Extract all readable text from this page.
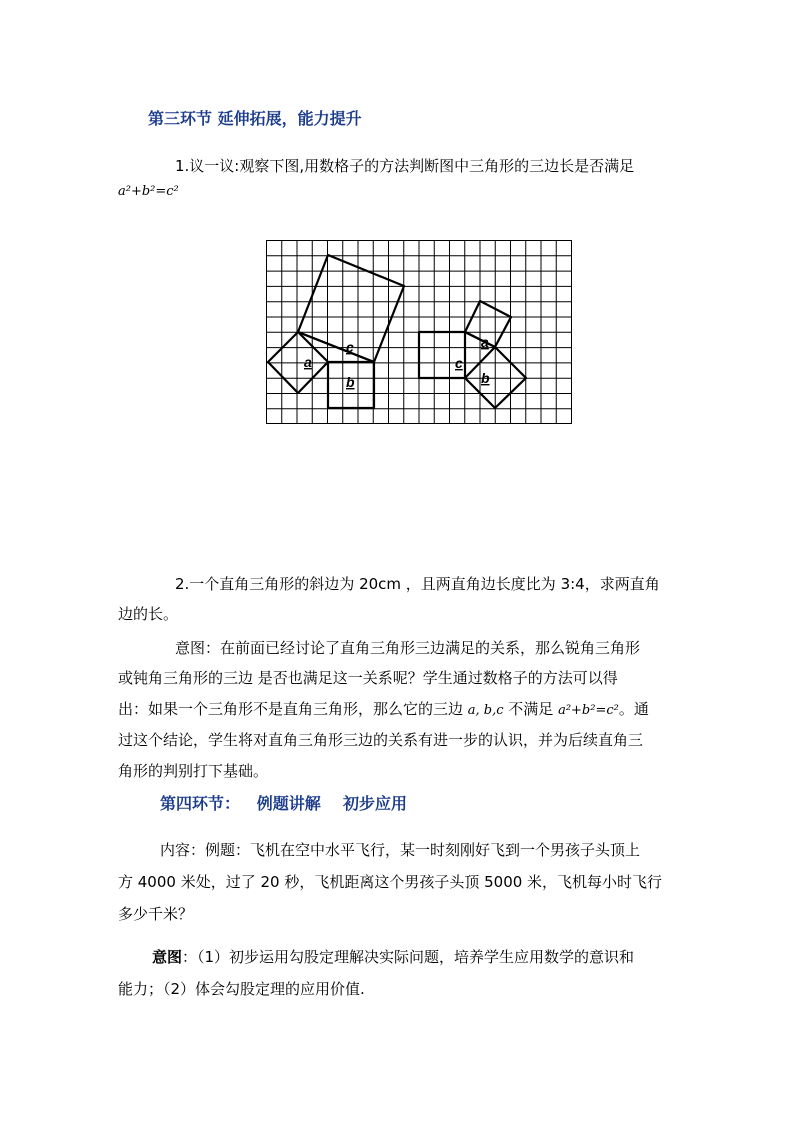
第三环节 延伸拓展，能力提升
1.议一议:观察下图,用数格子的方法判断图中三角形的三边长是否满足
a²+b²=c²
a
c
b
a
c
b
2.一个直角三角形的斜边为 20cm ，且两直角边长度比为 3:4，求两直角
边的长。
意图：在前面已经讨论了直角三角形三边满足的关系，那么锐角三角形
或钝角三角形的三边 是否也满足这一关系呢？学生通过数格子的方法可以得
出：如果一个三角形不是直角三角形，那么它的三边 a, b,c 不满足 a²+b²=c²。通
过这个结论，学生将对直角三角形三边的关系有进一步的认识，并为后续直角三
角形的判别打下基础。
第四环节：   例题讲解    初步应用
内容：例题：飞机在空中水平飞行，某一时刻刚好飞到一个男孩子头顶上
方 4000 米处，过了 20 秒，飞机距离这个男孩子头顶 5000 米，飞机每小时飞行
多少千米？
意图：（1）初步运用勾股定理解决实际问题，培养学生应用数学的意识和
能力；（2）体会勾股定理的应用价值.
